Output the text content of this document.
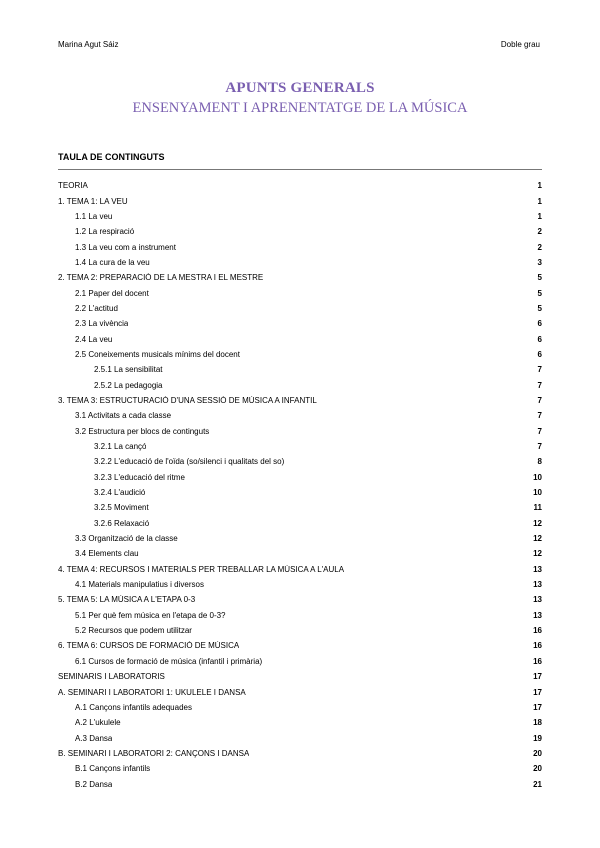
Marina Agut Sáiz	Doble grau
APUNTS GENERALS
ENSENYAMENT I APRENENTATGE DE LA MÚSICA
TAULA DE CONTINGUTS
TEORIA	1
1. TEMA 1: LA VEU	1
1.1 La veu	1
1.2 La respiració	2
1.3 La veu com a instrument	2
1.4 La cura de la veu	3
2. TEMA 2: PREPARACIÓ DE LA MESTRA I EL MESTRE	5
2.1 Paper del docent	5
2.2 L'actitud	5
2.3 La vivència	6
2.4 La veu	6
2.5 Coneixements musicals mínims del docent	6
2.5.1 La sensibilitat	7
2.5.2 La pedagogia	7
3. TEMA 3: ESTRUCTURACIÓ D'UNA SESSIÓ DE MÚSICA A INFANTIL	7
3.1 Activitats a cada classe	7
3.2 Estructura per blocs de continguts	7
3.2.1 La cançó	7
3.2.2 L'educació de l'oïda (so/silenci i qualitats del so)	8
3.2.3 L'educació del ritme	10
3.2.4 L'audició	10
3.2.5 Moviment	11
3.2.6 Relaxació	12
3.3 Organització de la classe	12
3.4 Elements clau	12
4. TEMA 4: RECURSOS I MATERIALS PER TREBALLAR LA MÚSICA A L'AULA	13
4.1 Materials manipulatius i diversos	13
5. TEMA 5: LA MÚSICA A L'ETAPA 0-3	13
5.1 Per què fem música en l'etapa de 0-3?	13
5.2 Recursos que podem utilitzar	16
6. TEMA 6: CURSOS DE FORMACIÓ DE MÚSICA	16
6.1 Cursos de formació de música (infantil i primària)	16
SEMINARIS I LABORATORIS	17
A. SEMINARI I LABORATORI 1: UKULELE I DANSA	17
A.1 Cançons infantils adequades	17
A.2 L'ukulele	18
A.3 Dansa	19
B. SEMINARI I LABORATORI 2: CANÇONS I DANSA	20
B.1 Cançons infantils	20
B.2 Dansa	21
